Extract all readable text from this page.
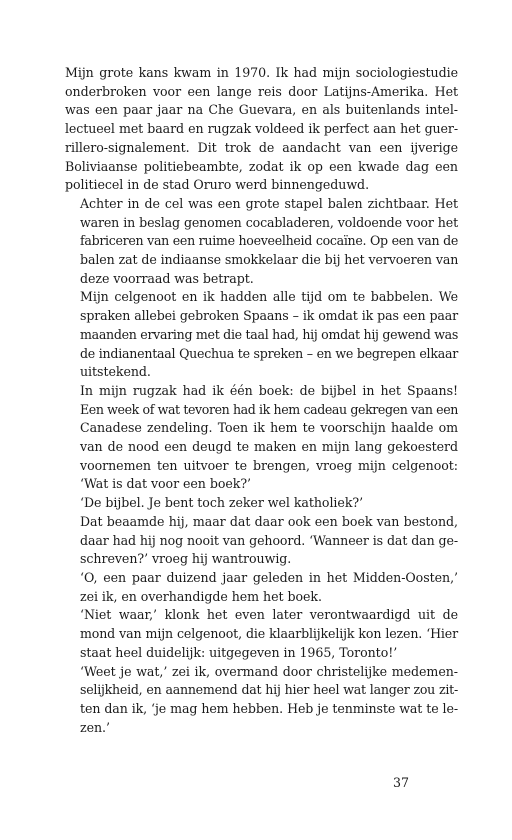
Mijn grote kans kwam in 1970. Ik had mijn sociologiestudie
onderbroken voor een lange reis door Latijns-Amerika. Het
was een paar jaar na Che Guevara, en als buitenlands intel-
lectueel met baard en rugzak voldeed ik perfect aan het guer-
rillero-signalement. Dit trok de aandacht van een ijverige
Boliviaanse politiebeambte, zodat ik op een kwade dag een
politiecel in de stad Oruro werd binnengeduwd.

Achter in de cel was een grote stapel balen zichtbaar. Het
waren in beslag genomen cocabladeren, voldoende voor het
fabriceren van een ruime hoeveelheid cocaïne. Op een van de
balen zat de indiaanse smokkelaar die bij het vervoeren van
deze voorraad was betrapt.

Mijn celgenoot en ik hadden alle tijd om te babbelen. We
spraken allebei gebroken Spaans – ik omdat ik pas een paar
maanden ervaring met die taal had, hij omdat hij gewend was
de indianentaal Quechua te spreken – en we begrepen elkaar
uitstekend.

In mijn rugzak had ik één boek: de bijbel in het Spaans!
Een week of wat tevoren had ik hem cadeau gekregen van een
Canadese zendeling. Toen ik hem te voorschijn haalde om
van de nood een deugd te maken en mijn lang gekoesterd
voornemen ten uitvoer te brengen, vroeg mijn celgenoot:
‘Wat is dat voor een boek?’

‘De bijbel. Je bent toch zeker wel katholiek?’

Dat beaamde hij, maar dat daar ook een boek van bestond,
daar had hij nog nooit van gehoord. ‘Wanneer is dat dan ge-
schreven?’ vroeg hij wantrouwig.

‘O, een paar duizend jaar geleden in het Midden-Oosten,’
zei ik, en overhandigde hem het boek.

‘Niet waar,’ klonk het even later verontwaardigd uit de
mond van mijn celgenoot, die klaarblijkelijk kon lezen. ‘Hier
staat heel duidelijk: uitgegeven in 1965, Toronto!’

‘Weet je wat,’ zei ik, overmand door christelijke medemen-
selijkheid, en aannemend dat hij hier heel wat langer zou zit-
ten dan ik, ‘je mag hem hebben. Heb je tenminste wat te le-
zen.’

37
